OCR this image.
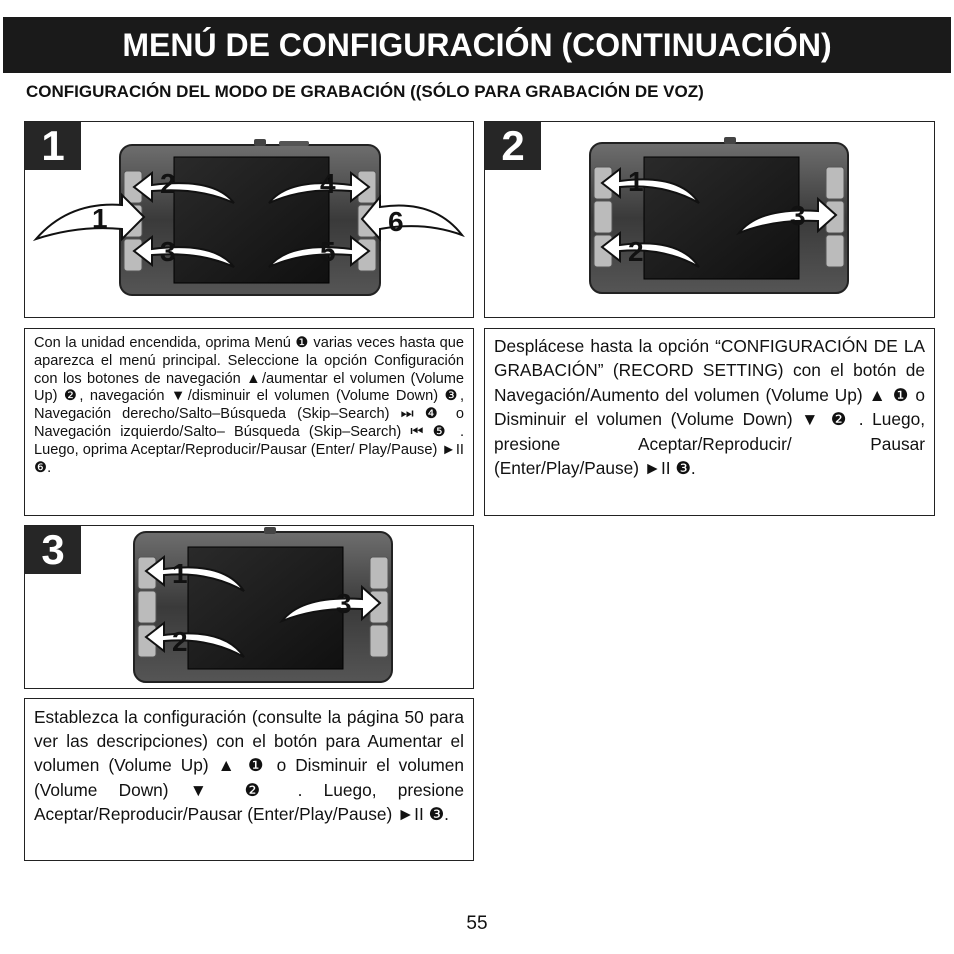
MENÚ DE CONFIGURACIÓN (CONTINUACIÓN)
CONFIGURACIÓN DEL MODO DE GRABACIÓN ((SÓLO PARA GRABACIÓN DE VOZ)
1
1
2
3
4
5
6
Con la unidad encendida, oprima Menú ❶ varias veces hasta que aparezca el menú principal. Seleccione la opción Configuración con los botones de navegación ▲/aumentar el volumen (Volume Up) ❷, navegación ▼/disminuir el volumen (Volume Down) ❸, Navegación derecho/Salto–Búsqueda (Skip–Search) ⏭ ❹ o Navegación izquierdo/Salto– Búsqueda (Skip–Search) ⏮ ❺ . Luego, oprima Aceptar/Reproducir/Pausar (Enter/ Play/Pause) ►II ❻.
2
1
2
3
Desplácese hasta la opción “CONFIGURACIÓN DE LA GRABACIÓN” (RECORD SETTING) con el botón de Navegación/Aumento del volumen (Volume Up) ▲ ❶ o Disminuir el volumen (Volume Down) ▼ ❷ . Luego, presione Aceptar/Reproducir/ Pausar (Enter/Play/Pause) ►II ❸.
3
1
2
3
Establezca la configuración (consulte la página 50 para ver las descripciones) con el botón para Aumentar el volumen (Volume Up) ▲ ❶ o Disminuir el volumen (Volume Down) ▼ ❷ . Luego, presione Aceptar/Reproducir/Pausar (Enter/Play/Pause) ►II ❸.
55
